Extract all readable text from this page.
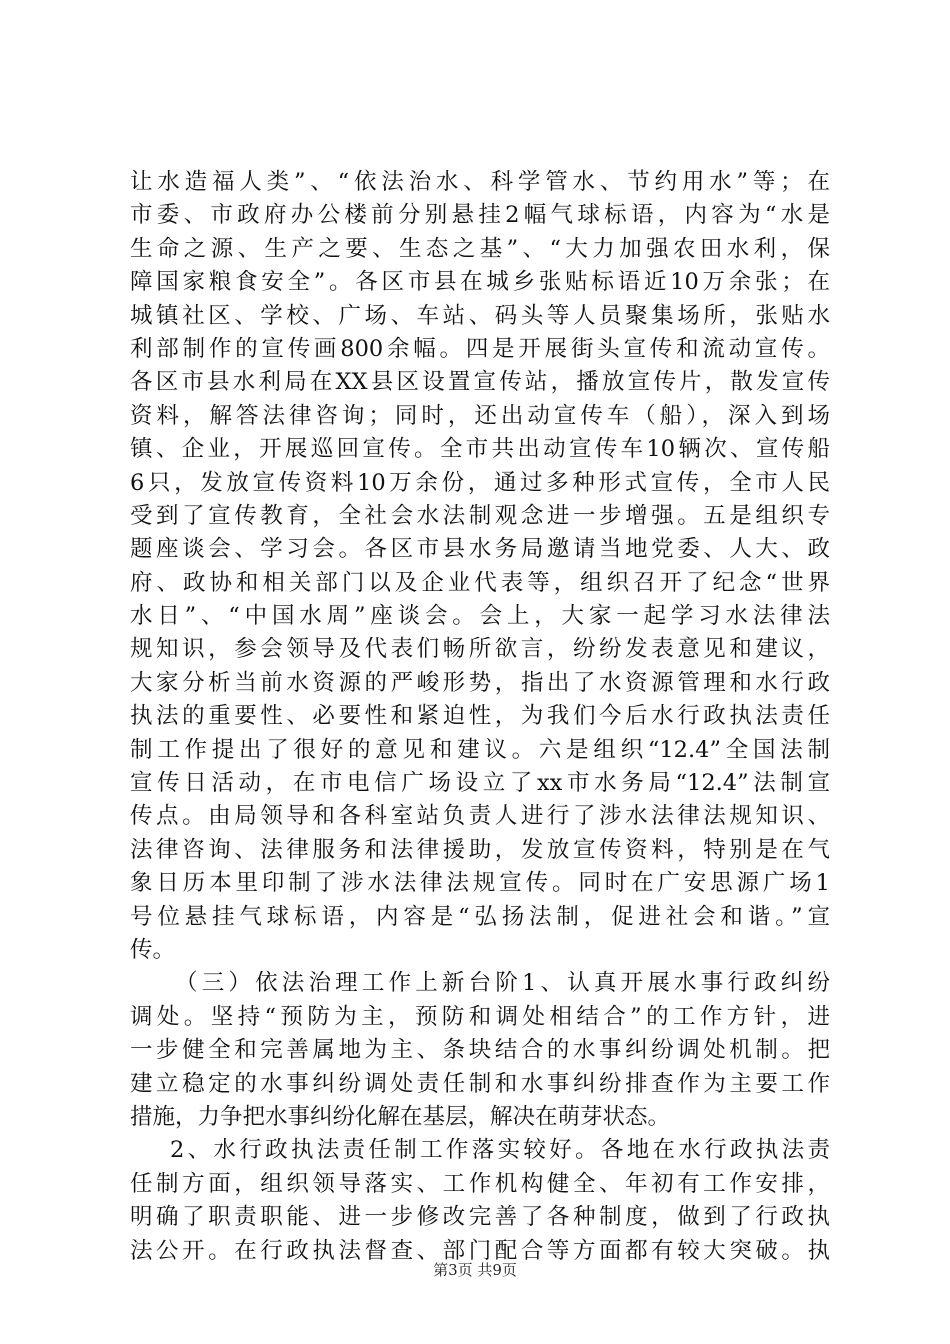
让水造福人类”、“依法治水、科学管水、节约用水”等；在
市委、市政府办公楼前分别悬挂2幅气球标语，内容为“水是
生命之源、生产之要、生态之基”、“大力加强农田水利，保
障国家粮食安全”。各区市县在城乡张贴标语近10万余张；在
城镇社区、学校、广场、车站、码头等人员聚集场所，张贴水
利部制作的宣传画800余幅。四是开展街头宣传和流动宣传。
各区市县水利局在XX县区设置宣传站，播放宣传片，散发宣传
资料，解答法律咨询；同时，还出动宣传车（船），深入到场
镇、企业，开展巡回宣传。全市共出动宣传车10辆次、宣传船
6只，发放宣传资料10万余份，通过多种形式宣传，全市人民
受到了宣传教育，全社会水法制观念进一步增强。五是组织专
题座谈会、学习会。各区市县水务局邀请当地党委、人大、政
府、政协和相关部门以及企业代表等，组织召开了纪念“世界
水日”、“中国水周”座谈会。会上，大家一起学习水法律法
规知识，参会领导及代表们畅所欲言，纷纷发表意见和建议，
大家分析当前水资源的严峻形势，指出了水资源管理和水行政
执法的重要性、必要性和紧迫性，为我们今后水行政执法责任
制工作提出了很好的意见和建议。六是组织“12.4”全国法制
宣传日活动，在市电信广场设立了xx市水务局“12.4”法制宣
传点。由局领导和各科室站负责人进行了涉水法律法规知识、
法律咨询、法律服务和法律援助，发放宣传资料，特别是在气
象日历本里印制了涉水法律法规宣传。同时在广安思源广场1
号位悬挂气球标语，内容是“弘扬法制，促进社会和谐。”宣
传。
（三）依法治理工作上新台阶1、认真开展水事行政纠纷
调处。坚持“预防为主，预防和调处相结合”的工作方针，进
一步健全和完善属地为主、条块结合的水事纠纷调处机制。把
建立稳定的水事纠纷调处责任制和水事纠纷排查作为主要工作
措施，力争把水事纠纷化解在基层，解决在萌芽状态。
2、水行政执法责任制工作落实较好。各地在水行政执法责
任制方面，组织领导落实、工作机构健全、年初有工作安排，
明确了职责职能、进一步修改完善了各种制度，做到了行政执
法公开。在行政执法督查、部门配合等方面都有较大突破。执
第3页 共9页
